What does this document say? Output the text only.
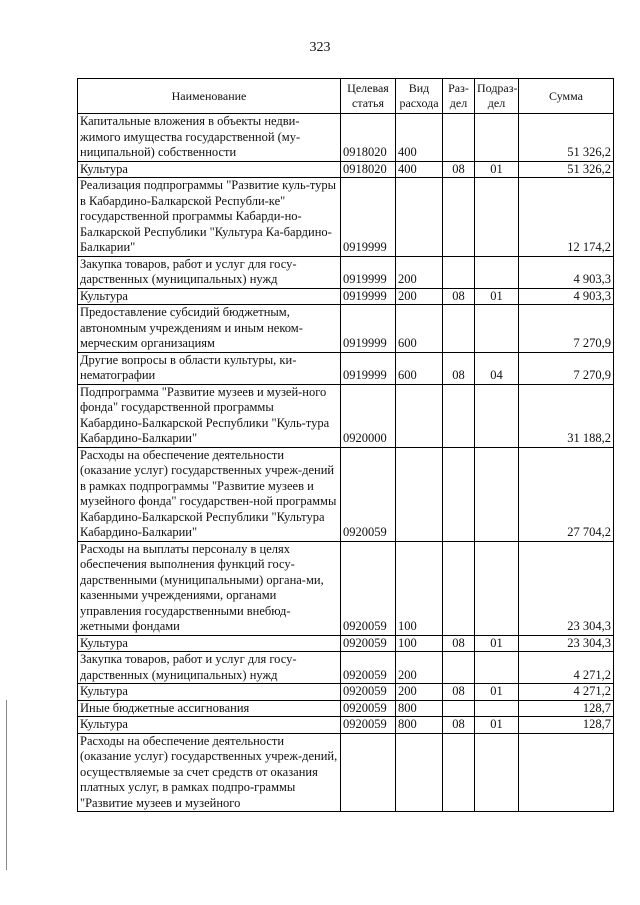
323
Наименование	Целевая статья	Вид расхода	Раз- дел	Подраз- дел	Сумма
Капитальные вложения в объекты недви-жимого имущества государственной (му-ниципальной) собственности	0918020	400			51 326,2
Культура	0918020	400	08	01	51 326,2
Реализация подпрограммы "Развитие куль-туры в Кабардино-Балкарской Республи-ке" государственной программы Кабарди-но-Балкарской Республики "Культура Ка-бардино-Балкарии"	0919999				12 174,2
Закупка товаров, работ и услуг для госу-дарственных (муниципальных) нужд	0919999	200			4 903,3
Культура	0919999	200	08	01	4 903,3
Предоставление субсидий бюджетным, автономным учреждениям и иным неком-мерческим организациям	0919999	600			7 270,9
Другие вопросы в области культуры, ки-нематографии	0919999	600	08	04	7 270,9
Подпрограмма "Развитие музеев и музей-ного фонда" государственной программы Кабардино-Балкарской Республики "Куль-тура Кабардино-Балкарии"	0920000				31 188,2
Расходы на обеспечение деятельности (оказание услуг) государственных учреж-дений в рамках подпрограммы "Развитие музеев и музейного фонда" государствен-ной программы Кабардино-Балкарской Республики "Культура Кабардино-Балкарии"	0920059				27 704,2
Расходы на выплаты персоналу в целях обеспечения выполнения функций госу-дарственными (муниципальными) органа-ми, казенными учреждениями, органами управления государственными внебюд-жетными фондами	0920059	100			23 304,3
Культура	0920059	100	08	01	23 304,3
Закупка товаров, работ и услуг для госу-дарственных (муниципальных) нужд	0920059	200			4 271,2
Культура	0920059	200	08	01	4 271,2
Иные бюджетные ассигнования	0920059	800			128,7
Культура	0920059	800	08	01	128,7
Расходы на обеспечение деятельности (оказание услуг) государственных учреж-дений, осуществляемые за счет средств от оказания платных услуг, в рамках подпро-граммы "Развитие музеев и музейного					
